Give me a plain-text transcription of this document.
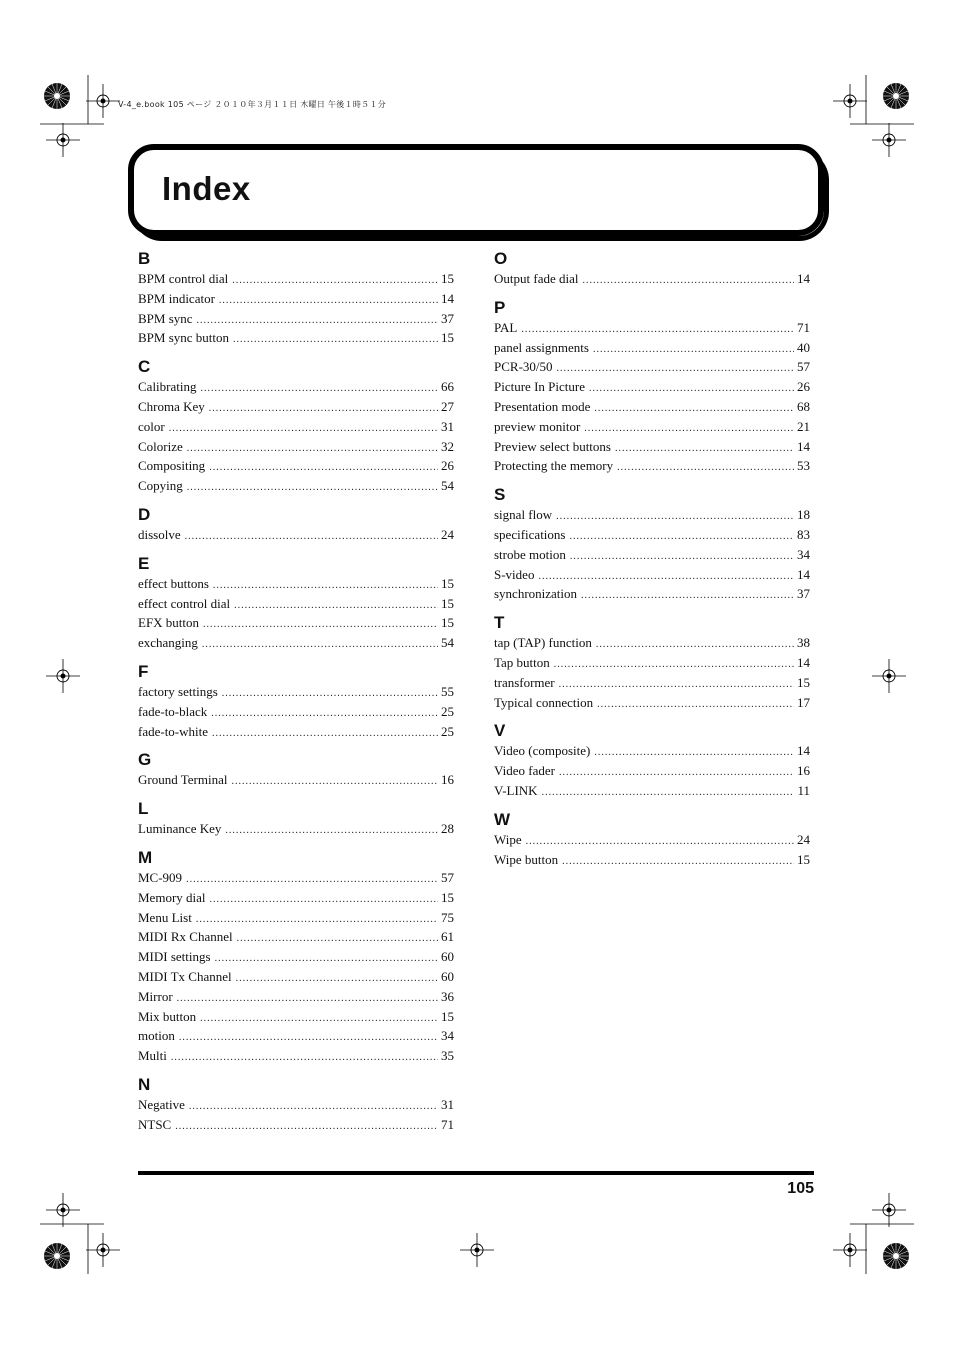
V-4_e.book 105 ページ ２０１０年３月１１日 木曜日 午後１時５１分
Index
B
BPM control dial .....	15
BPM indicator .....	14
BPM sync .....	37
BPM sync button .....	15
C
Calibrating .....	66
Chroma Key .....	27
color .....	31
Colorize .....	32
Compositing .....	26
Copying .....	54
D
dissolve .....	24
E
effect buttons .....	15
effect control dial .....	15
EFX button .....	15
exchanging .....	54
F
factory settings .....	55
fade-to-black .....	25
fade-to-white .....	25
G
Ground Terminal .....	16
L
Luminance Key .....	28
M
MC-909 .....	57
Memory dial .....	15
Menu List .....	75
MIDI Rx Channel .....	61
MIDI settings .....	60
MIDI Tx Channel .....	60
Mirror .....	36
Mix button .....	15
motion .....	34
Multi .....	35
N
Negative .....	31
NTSC .....	71
O
Output fade dial .....	14
P
PAL .....	71
panel assignments .....	40
PCR-30/50 .....	57
Picture In Picture .....	26
Presentation mode .....	68
preview monitor .....	21
Preview select buttons .....	14
Protecting the memory .....	53
S
signal flow .....	18
specifications .....	83
strobe motion .....	34
S-video .....	14
synchronization .....	37
T
tap (TAP) function .....	38
Tap button .....	14
transformer .....	15
Typical connection .....	17
V
Video (composite) .....	14
Video fader .....	16
V-LINK .....	11
W
Wipe .....	24
Wipe button .....	15
105
